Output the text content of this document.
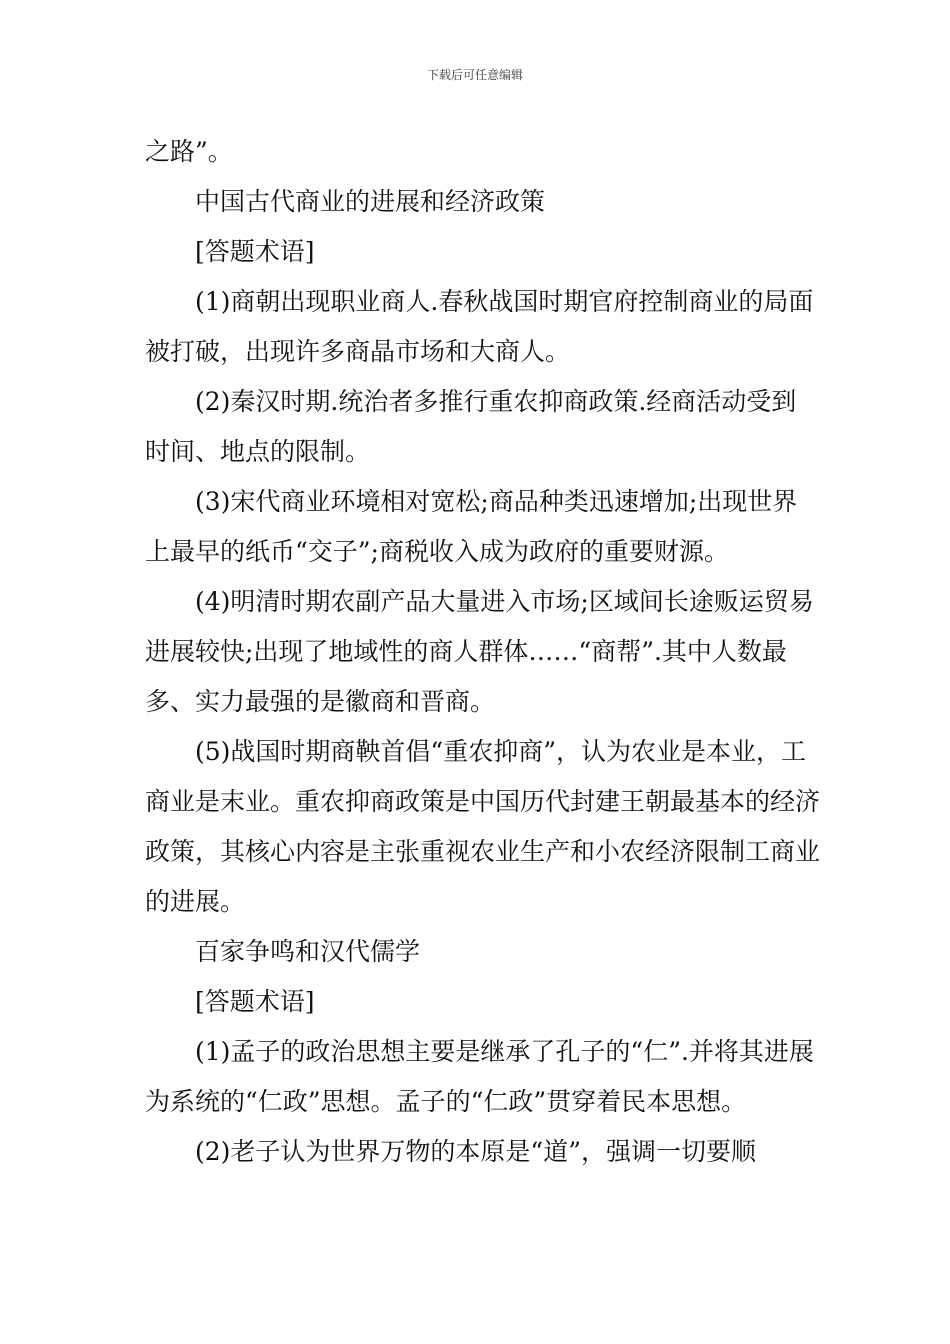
下载后可任意编辑

之路”。

中国古代商业的进展和经济政策

[答题术语]

(1)商朝出现职业商人.春秋战国时期官府控制商业的局面被打破，出现许多商晶市场和大商人。

(2)秦汉时期.统治者多推行重农抑商政策.经商活动受到时间、地点的限制。

(3)宋代商业环境相对宽松;商品种类迅速增加;出现世界上最早的纸币“交子”;商税收入成为政府的重要财源。

(4)明清时期农副产品大量进入市场;区域间长途贩运贸易进展较快;出现了地域性的商人群体……“商帮”.其中人数最多、实力最强的是徽商和晋商。

(5)战国时期商鞅首倡“重农抑商”，认为农业是本业，工商业是末业。重农抑商政策是中国历代封建王朝最基本的经济政策，其核心内容是主张重视农业生产和小农经济限制工商业的进展。

百家争鸣和汉代儒学

[答题术语]

(1)孟子的政治思想主要是继承了孔子的“仁”.并将其进展为系统的“仁政”思想。孟子的“仁政”贯穿着民本思想。

(2)老子认为世界万物的本原是“道”，强调一切要顺
